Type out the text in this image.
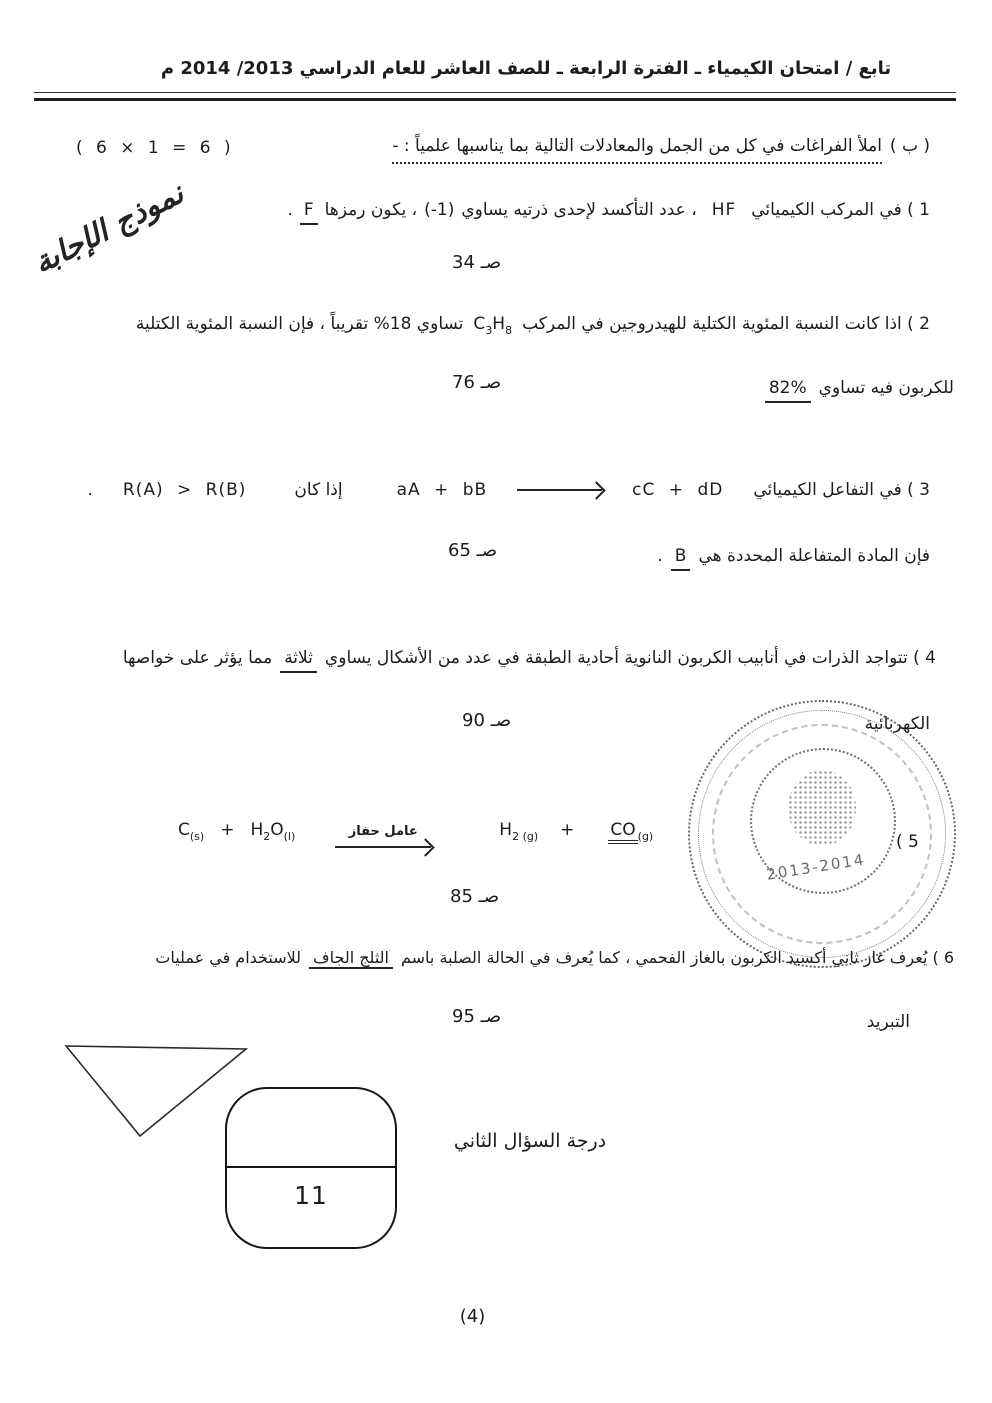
تابع / امتحان الكيمياء ـ الفترة الرابعة ـ للصف العاشر للعام الدراسي 2013/ 2014 م
( ب )
املأ الفراغات في كل من الجمل والمعادلات التالية بما يناسبها علمياً : -
( 6 × 1 = 6 )
نموذج الإجابة	1 ) في المركب الكيميائي
HF
، عدد التأكسد لإحدى ذرتيه يساوي
(-1)
، يكون رمزها
F
.
صـ 34
2 ) اذا كانت النسبة المئوية الكتلية للهيدروجين في المركب
$C_3H_8$
تساوي 18% تقريباً ، فإن النسبة المئوية الكتلية
للكربون فيه تساوي
82%
صـ 76
3 ) في التفاعل الكيميائي
cC + dD
aA + bB
إذا كان
R(A) > R(B)
.
فإن المادة المتفاعلة المحددة هي
B
.
صـ 65
4 ) تتواجد الذرات في أنابيب الكربون النانوية أحادية الطبقة في عدد من الأشكال يساوي
ثلاثة
مما يؤثر على خواصها
الكهربائية
صـ 90
5 )
$C_{(s)} + H_2O_{(l)}$	عامل حفاز	$H_{2 (g)}$ + CO $_{(g)}$
صـ 85
2013-2014
6 ) يُعرف غاز ثاني أكسيد الكربون بالغاز الفحمي ، كما يُعرف في الحالة الصلبة باسم
الثلج الجاف
للاستخدام في عمليات
التبريد
صـ 95
11
درجة السؤال الثاني
(4)
